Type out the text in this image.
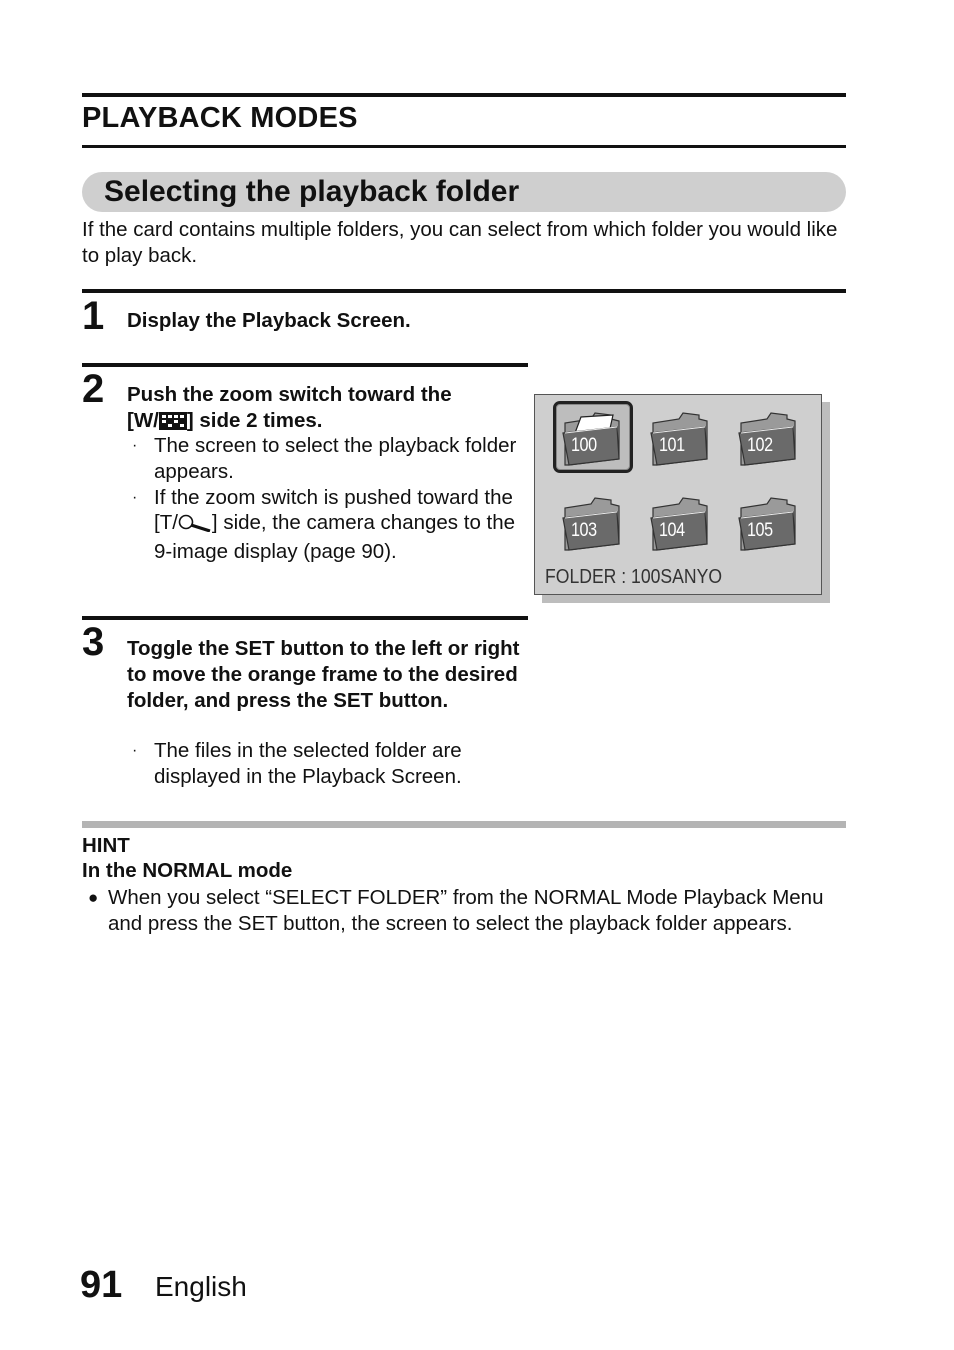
PLAYBACK MODES
Selecting the playback folder
If the card contains multiple folders, you can select from which folder you would like to play back.
1 Display the Playback Screen.
2 Push the zoom switch toward the
[W/ ] side 2 times.
· The screen to select the playback folder appears.
· If the zoom switch is pushed toward the [T/ ] side, the camera changes to the 9-image display (page 90).
100	101	102
103	104	105
FOLDER : 100SANYO
3 Toggle the SET button to the left or right to move the orange frame to the desired folder, and press the SET button.
· The files in the selected folder are displayed in the Playback Screen.
HINT
In the NORMAL mode
● When you select “SELECT FOLDER” from the NORMAL Mode Playback Menu and press the SET button, the screen to select the playback folder appears.
91 English
